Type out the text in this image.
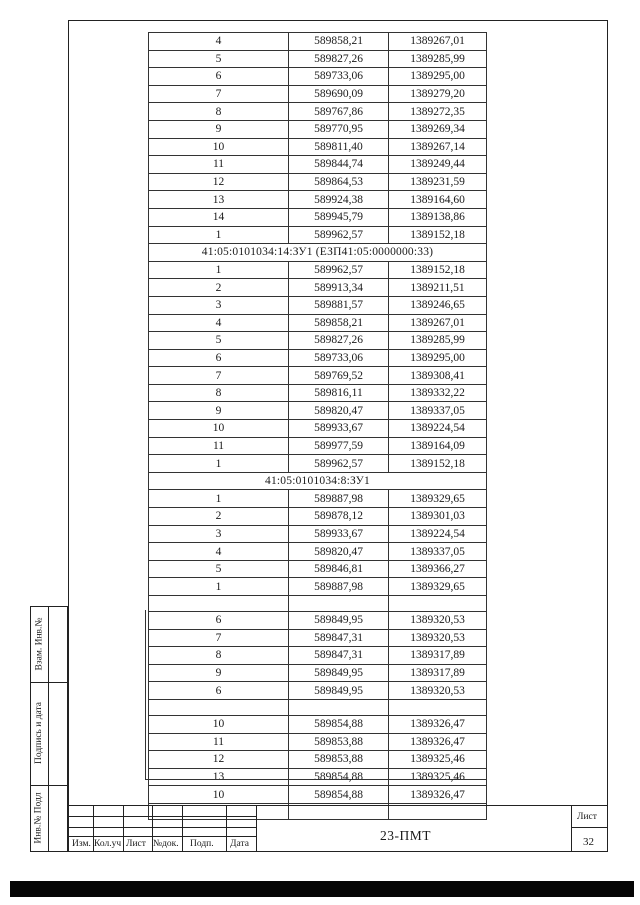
4	589858,21	1389267,01
5	589827,26	1389285,99
6	589733,06	1389295,00
7	589690,09	1389279,20
8	589767,86	1389272,35
9	589770,95	1389269,34
10	589811,40	1389267,14
11	589844,74	1389249,44
12	589864,53	1389231,59
13	589924,38	1389164,60
14	589945,79	1389138,86
1	589962,57	1389152,18
41:05:0101034:14:ЗУ1 (ЕЗП41:05:0000000:33)		
1	589962,57	1389152,18
2	589913,34	1389211,51
3	589881,57	1389246,65
4	589858,21	1389267,01
5	589827,26	1389285,99
6	589733,06	1389295,00
7	589769,52	1389308,41
8	589816,11	1389332,22
9	589820,47	1389337,05
10	589933,67	1389224,54
11	589977,59	1389164,09
1	589962,57	1389152,18
41:05:0101034:8:ЗУ1		
1	589887,98	1389329,65
2	589878,12	1389301,03
3	589933,67	1389224,54
4	589820,47	1389337,05
5	589846,81	1389366,27
1	589887,98	1389329,65

6	589849,95	1389320,53
7	589847,31	1389320,53
8	589847,31	1389317,89
9	589849,95	1389317,89
6	589849,95	1389320,53

10	589854,88	1389326,47
11	589853,88	1389326,47
12	589853,88	1389325,46
13	589854,88	1389325,46
10	589854,88	1389326,47

Взам. Инв.№
Подпись и дата
Инв.№ Подл
Изм. Кол.уч Лист №док. Подп. Дата
23-ПМТ
Лист
32
